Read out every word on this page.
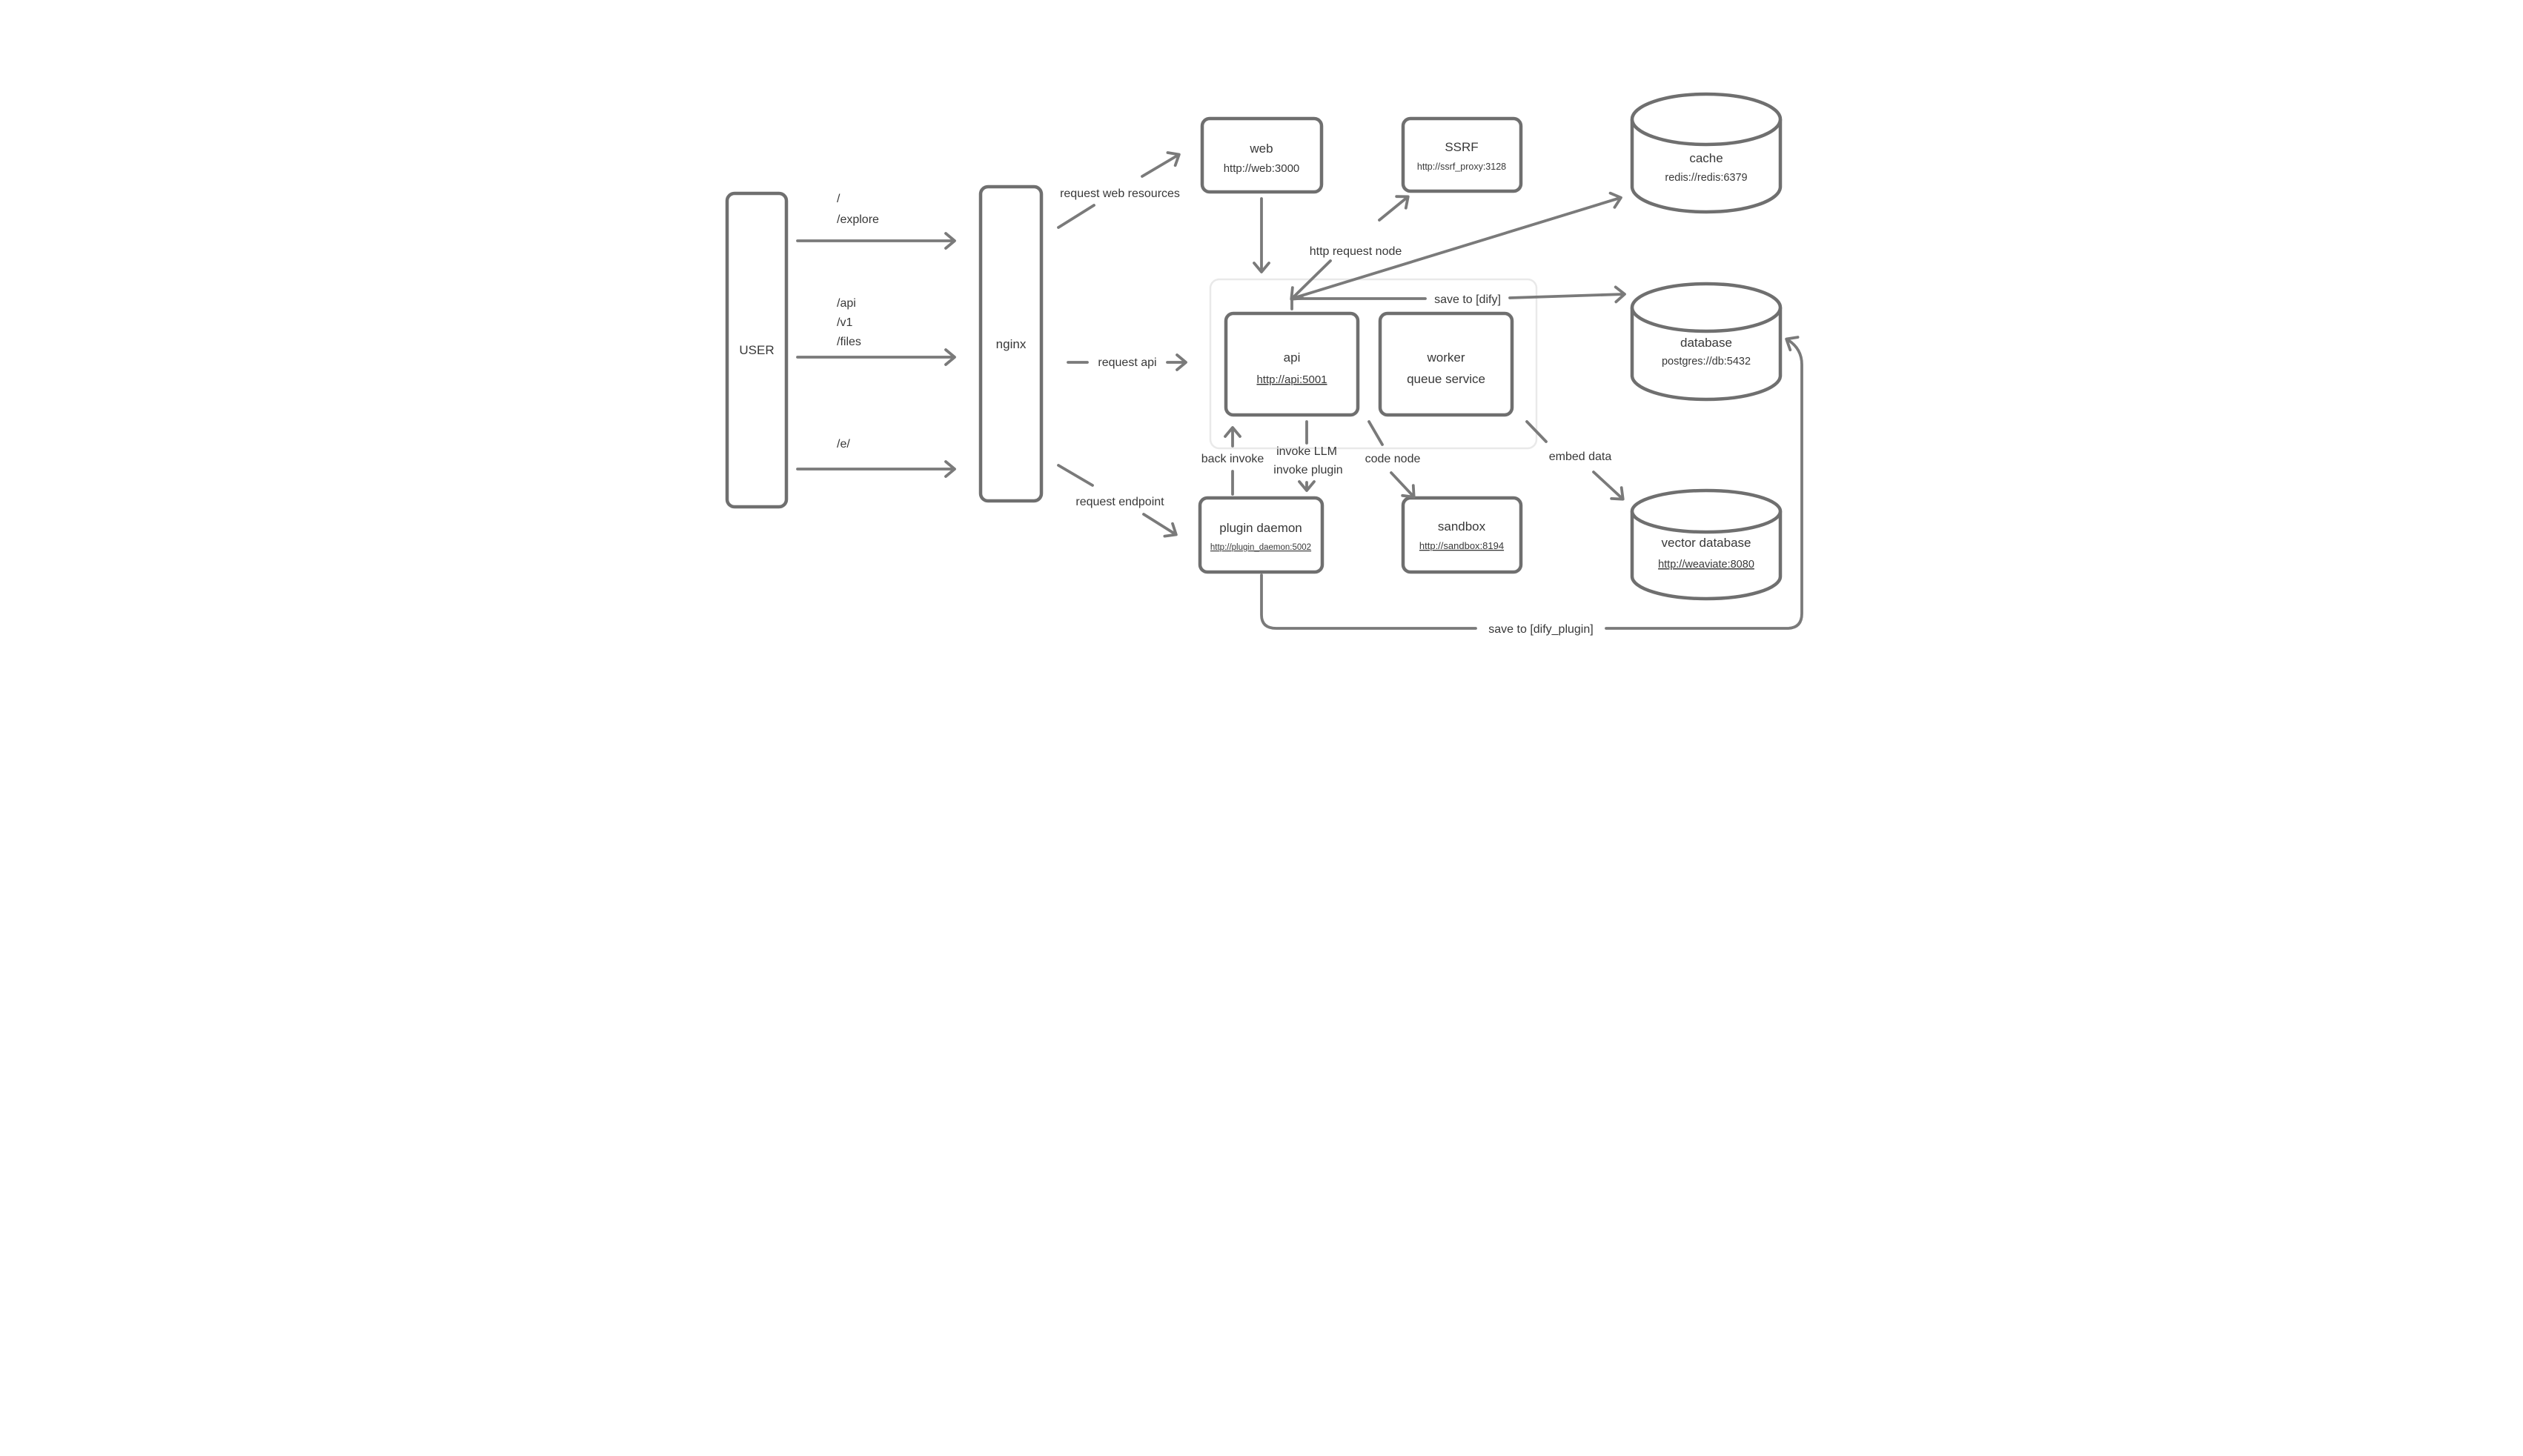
USER	nginx
/
/explore
/api
/v1
/files
/e/
request web resources
request api
request endpoint
web
http://web:3000
SSRF
http://ssrf_proxy:3128
cache
redis://redis:6379
database
postgres://db:5432
vector database
http://weaviate:8080
api
http://api:5001
worker
queue service
plugin daemon
http://plugin_daemon:5002
sandbox
http://sandbox:8194
http request node
save to [dify]
back invoke
invoke LLM
invoke plugin
code node	embed data
save to [dify_plugin]
